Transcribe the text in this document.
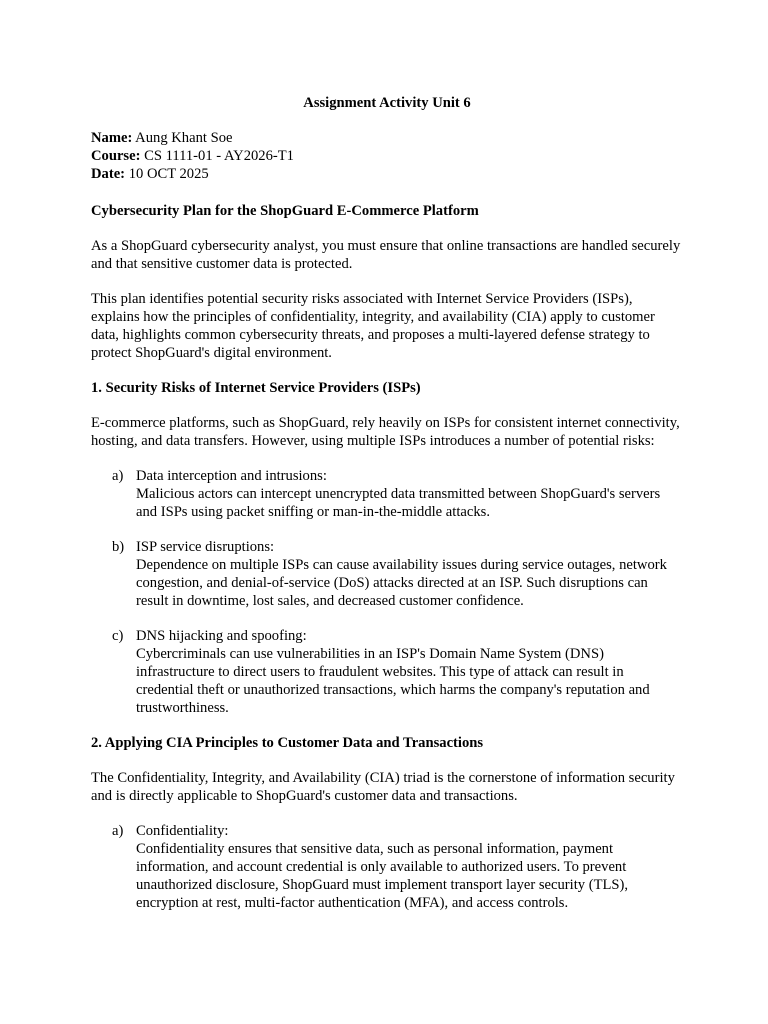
Assignment Activity Unit 6
Name: Aung Khant Soe
Course: CS 1111-01 - AY2026-T1
Date: 10 OCT 2025
Cybersecurity Plan for the ShopGuard E-Commerce Platform

As a ShopGuard cybersecurity analyst, you must ensure that online transactions are handled securely and that sensitive customer data is protected.

This plan identifies potential security risks associated with Internet Service Providers (ISPs), explains how the principles of confidentiality, integrity, and availability (CIA) apply to customer data, highlights common cybersecurity threats, and proposes a multi-layered defense strategy to protect ShopGuard's digital environment.

1. Security Risks of Internet Service Providers (ISPs)

E-commerce platforms, such as ShopGuard, rely heavily on ISPs for consistent internet connectivity, hosting, and data transfers. However, using multiple ISPs introduces a number of potential risks:

a) Data interception and intrusions:
Malicious actors can intercept unencrypted data transmitted between ShopGuard's servers and ISPs using packet sniffing or man-in-the-middle attacks.
b) ISP service disruptions:
Dependence on multiple ISPs can cause availability issues during service outages, network congestion, and denial-of-service (DoS) attacks directed at an ISP. Such disruptions can result in downtime, lost sales, and decreased customer confidence.
c) DNS hijacking and spoofing:
Cybercriminals can use vulnerabilities in an ISP's Domain Name System (DNS) infrastructure to direct users to fraudulent websites. This type of attack can result in credential theft or unauthorized transactions, which harms the company's reputation and trustworthiness.
2. Applying CIA Principles to Customer Data and Transactions

The Confidentiality, Integrity, and Availability (CIA) triad is the cornerstone of information security and is directly applicable to ShopGuard's customer data and transactions.

a) Confidentiality:
Confidentiality ensures that sensitive data, such as personal information, payment information, and account credential is only available to authorized users. To prevent unauthorized disclosure, ShopGuard must implement transport layer security (TLS), encryption at rest, multi-factor authentication (MFA), and access controls.
